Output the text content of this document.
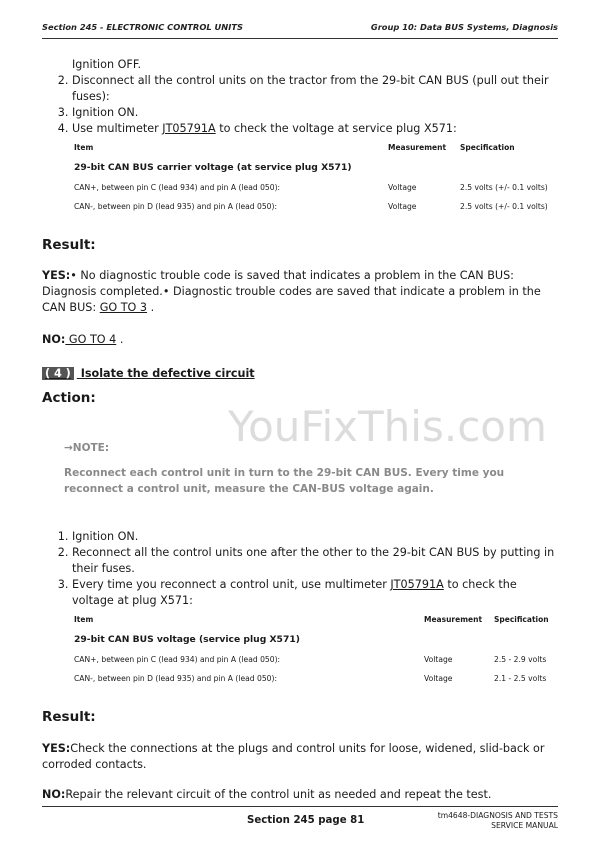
Section 245 - ELECTRONIC CONTROL UNITS	Group 10: Data BUS Systems, Diagnosis
Ignition OFF.
2. Disconnect all the control units on the tractor from the 29-bit CAN BUS (pull out their fuses):
3. Ignition ON.
4. Use multimeter JT05791A to check the voltage at service plug X571:
Item	Measurement	Specification
29-bit CAN BUS carrier voltage (at service plug X571)		
CAN+, between pin C (lead 934) and pin A (lead 050):	Voltage	2.5 volts (+/- 0.1 volts)
CAN-, between pin D (lead 935) and pin A (lead 050):	Voltage	2.5 volts (+/- 0.1 volts)
Result:
YES:• No diagnostic trouble code is saved that indicates a problem in the CAN BUS: Diagnosis completed.• Diagnostic trouble codes are saved that indicate a problem in the CAN BUS: GO TO 3 .
NO: GO TO 4 .
( 4 ) Isolate the defective circuit
Action:
YouFixThis.com
→NOTE:
Reconnect each control unit in turn to the 29-bit CAN BUS. Every time you reconnect a control unit, measure the CAN-BUS voltage again.
1. Ignition ON.
2. Reconnect all the control units one after the other to the 29-bit CAN BUS by putting in their fuses.
3. Every time you reconnect a control unit, use multimeter JT05791A to check the voltage at plug X571:
Item	Measurement	Specification
29-bit CAN BUS voltage (service plug X571)		
CAN+, between pin C (lead 934) and pin A (lead 050):	Voltage	2.5 - 2.9 volts
CAN-, between pin D (lead 935) and pin A (lead 050):	Voltage	2.1 - 2.5 volts
Result:
YES:Check the connections at the plugs and control units for loose, widened, slid-back or corroded contacts.
NO:Repair the relevant circuit of the control unit as needed and repeat the test.
Section 245 page 81	tm4648-DIAGNOSIS AND TESTS
SERVICE MANUAL
